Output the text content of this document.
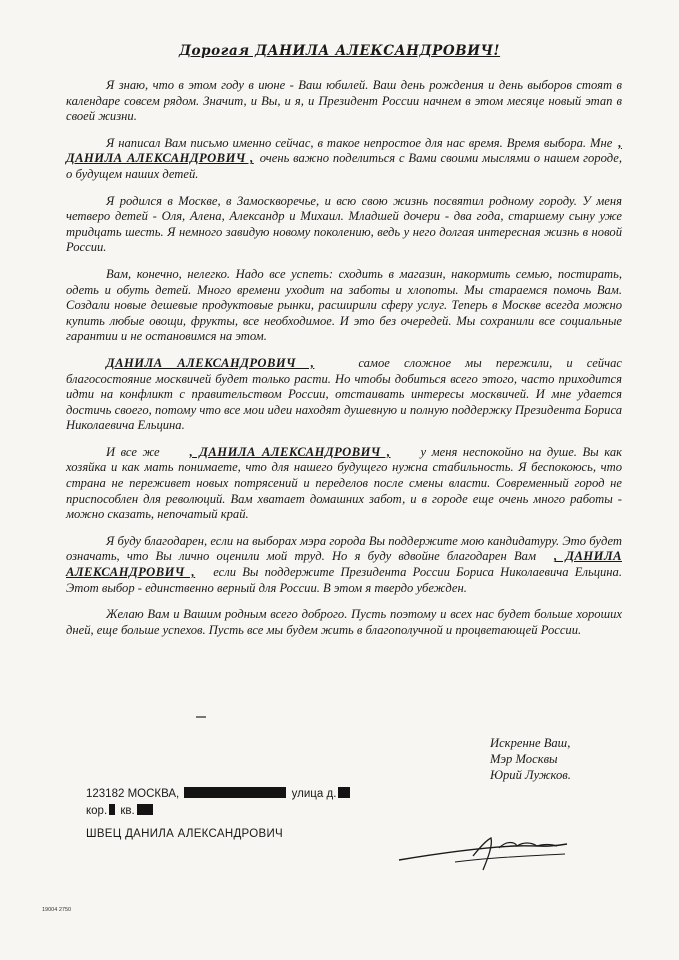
Дорогая ДАНИЛА АЛЕКСАНДРОВИЧ!

Я знаю, что в этом году в июне - Ваш юбилей. Ваш день рождения и день выборов стоят в календаре совсем рядом. Значит, и Вы, и я, и Президент России начнем в этом месяце новый этап в своей жизни.

Я написал Вам письмо именно сейчас, в такое непростое для нас время. Время выбора. Мне , ДАНИЛА АЛЕКСАНДРОВИЧ , очень важно поделиться с Вами своими мыслями о нашем городе, о будущем наших детей.

Я родился в Москве, в Замоскворечье, и всю свою жизнь посвятил родному городу. У меня четверо детей - Оля, Алена, Александр и Михаил. Младшей дочери - два года, старшему сыну уже тридцать шесть. Я немного завидую новому поколению, ведь у него долгая интересная жизнь в новой России.

Вам, конечно, нелегко. Надо все успеть: сходить в магазин, накормить семью, постирать, одеть и обуть детей. Много времени уходит на заботы и хлопоты. Мы стараемся помочь Вам. Создали новые дешевые продуктовые рынки, расширили сферу услуг. Теперь в Москве всегда можно купить любые овощи, фрукты, все необходимое. И это без очередей. Мы сохранили все социальные гарантии и не остановимся на этом.

ДАНИЛА АЛЕКСАНДРОВИЧ ,	самое сложное мы пережили, и сейчас благосостояние москвичей будет только расти. Но чтобы добиться всего этого, часто приходится идти на конфликт с правительством России, отстаивать интересы москвичей. И мне удается достичь своего, потому что все мои идеи находят душевную и полную поддержку Президента Бориса Николаевича Ельцина.

И все же , ДАНИЛА АЛЕКСАНДРОВИЧ , у меня неспокойно на душе. Вы как хозяйка и как мать понимаете, что для нашего будущего нужна стабильность. Я беспокоюсь, что страна не переживет новых потрясений и переделов после смены власти. Современный город не приспособлен для революций. Вам хватает домашних забот, и в городе еще очень много работы - можно сказать, непочатый край.

Я буду благодарен, если на выборах мэра города Вы поддержите мою кандидатуру. Это будет означать, что Вы лично оценили мой труд. Но я буду вдвойне благодарен Вам , ДАНИЛА АЛЕКСАНДРОВИЧ , если Вы поддержите Президента России Бориса Николаевича Ельцина. Этот выбор - единственно верный для России. В этом я твердо убежден.

Желаю Вам и Вашим родным всего доброго. Пусть поэтому и всех нас будет больше хороших дней, еще больше успехов. Пусть все мы будем жить в благополучной и процветающей России.

Искренне Ваш,
Мэр Москвы
Юрий Лужков.
123182 МОСКВА,	улица д.
кор. кв.
ШВЕЦ ДАНИЛА АЛЕКСАНДРОВИЧ
19004 2750
